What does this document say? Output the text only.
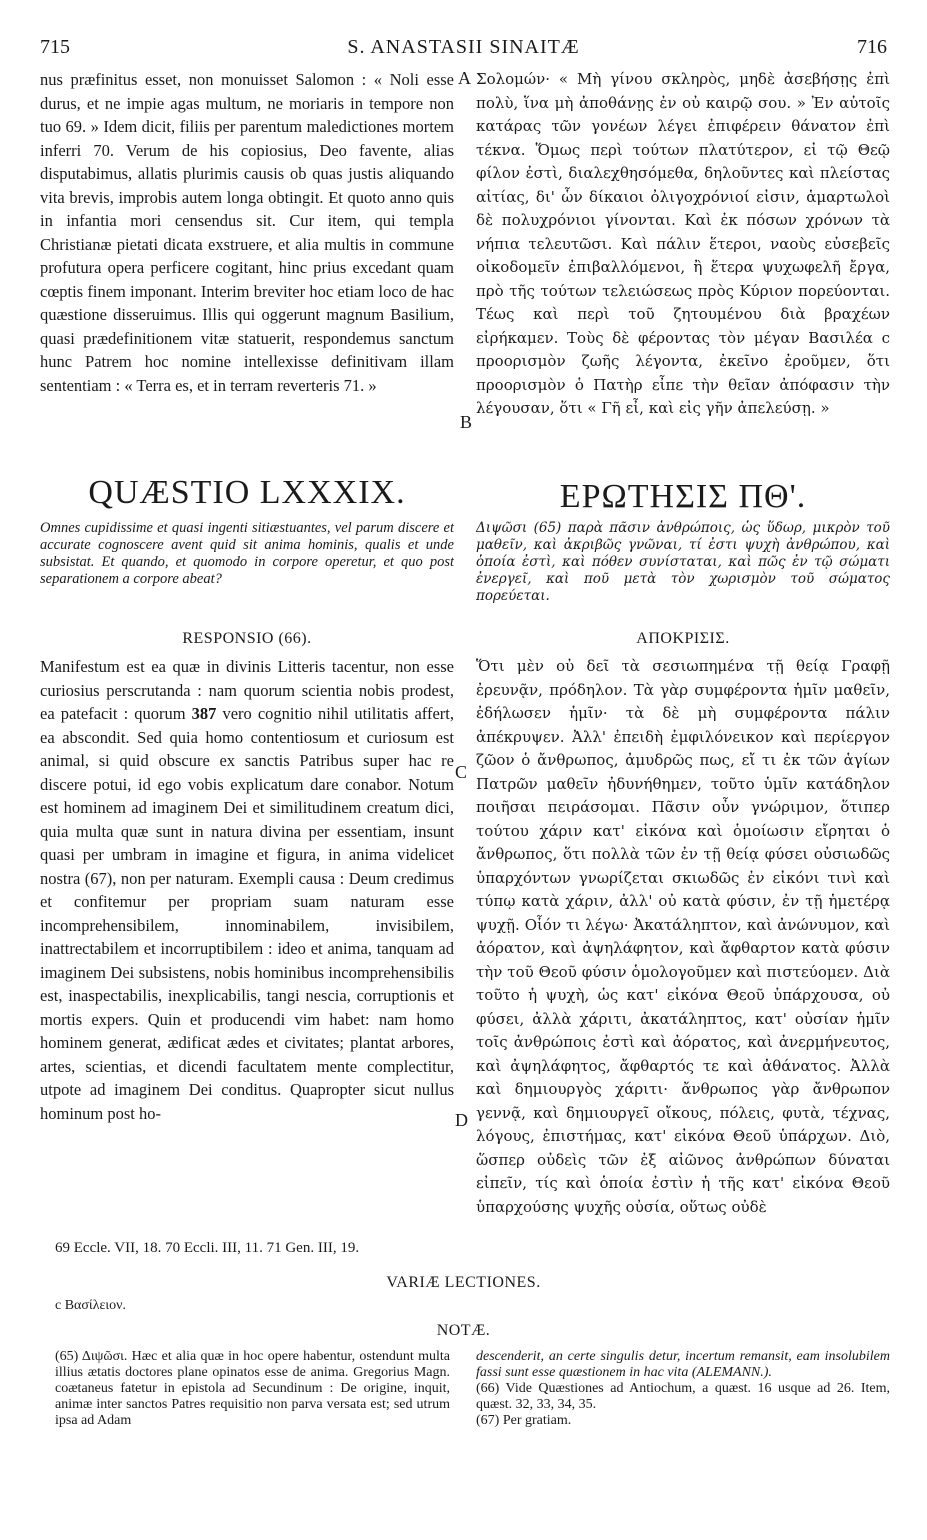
715	S. ANASTASII SINAITÆ	716

nus præfinitus esset, non monuisset Salomon : « Noli esse durus, et ne impie agas multum, ne moriaris in tempore non tuo 69. » Idem dicit, filiis per parentum maledictiones mortem inferri 70. Verum de his copiosius, Deo favente, alias disputabimus, allatis plurimis causis ob quas justis aliquando vita brevis, improbis autem longa obtingit. Et quoto anno quis in infantia mori censendus sit. Cur item, qui templa Christianæ pietati dicata exstruere, et alia multis in commune profutura opera perficere cogitant, hinc prius excedant quam cœptis finem imponant. Interim breviter hoc etiam loco de hac quæstione disseruimus. Illis qui oggerunt magnum Basilium, quasi prædefinitionem vitæ statuerit, respondemus sanctum hunc Patrem hoc nomine intellexisse definitivam illam sententiam : « Terra es, et in terram reverteris 71. »

Σολομών· « Μὴ γίνου σκληρὸς, μηδὲ ἀσεβήσῃς ἐπὶ πολὺ, ἵνα μὴ ἀποθάνῃς ἐν οὐ καιρῷ σου. » Ἐν αὐτοῖς κατάρας τῶν γονέων λέγει ἐπιφέρειν θάνατον ἐπὶ τέκνα. Ὅμως περὶ τούτων πλατύτερον, εἰ τῷ Θεῷ φίλον ἐστὶ, διαλεχθησόμεθα, δηλοῦντες καὶ πλείστας αἰτίας, δι' ὧν δίκαιοι ὀλιγοχρόνιοί εἰσιν, ἁμαρτωλοὶ δὲ πολυχρόνιοι γίνονται. Καὶ ἐκ πόσων χρόνων τὰ νήπια τελευτῶσι. Καὶ πάλιν ἕτεροι, ναοὺς εὐσεβεῖς οἰκοδομεῖν ἐπιβαλλόμενοι, ἢ ἕτερα ψυχωφελῆ ἔργα, πρὸ τῆς τούτων τελειώσεως πρὸς Κύριον πορεύονται. Τέως καὶ περὶ τοῦ ζητουμένου διὰ βραχέων εἰρήκαμεν. Τοὺς δὲ φέροντας τὸν μέγαν Βασιλέα c προορισμὸν ζωῆς λέγοντα, ἐκεῖνο ἐροῦμεν, ὅτι προορισμὸν ὁ Πατὴρ εἶπε τὴν θεῖαν ἀπόφασιν τὴν λέγουσαν, ὅτι « Γῆ εἶ, καὶ εἰς γῆν ἀπελεύσῃ. »

A
B
QUÆSTIO LXXXIX.	ΕΡΩΤΗΣΙΣ ΠΘ'.

Omnes cupidissime et quasi ingenti sitiæstuantes, vel parum discere et accurate cognoscere avent quid sit anima hominis, qualis et unde subsistat. Et quando, et quomodo in corpore operetur, et quo post separationem a corpore abeat?

Διψῶσι (65) παρὰ πᾶσιν ἀνθρώποις, ὡς ὕδωρ, μικρὸν τοῦ μαθεῖν, καὶ ἀκριβῶς γνῶναι, τί ἐστι ψυχὴ ἀνθρώπου, καὶ ὁποία ἐστὶ, καὶ πόθεν συνίσταται, καὶ πῶς ἐν τῷ σώματι ἐνεργεῖ, καὶ ποῦ μετὰ τὸν χωρισμὸν τοῦ σώματος πορεύεται.

RESPONSIO (66).	ΑΠΟΚΡΙΣΙΣ.

Manifestum est ea quæ in divinis Litteris tacentur, non esse curiosius perscrutanda : nam quorum scientia nobis prodest, ea patefacit : quorum 387 vero cognitio nihil utilitatis affert, ea abscondit. Sed quia homo contentiosum et curiosum est animal, si quid obscure ex sanctis Patribus super hac re discere potui, id ego vobis explicatum dare conabor. Notum est hominem ad imaginem Dei et similitudinem creatum dici, quia multa quæ sunt in natura divina per essentiam, insunt quasi per umbram in imagine et figura, in anima videlicet nostra (67), non per naturam. Exempli causa : Deum credimus et confitemur per propriam suam naturam esse incomprehensibilem, innominabilem, invisibilem, inattrectabilem et incorruptibilem : ideo et anima, tanquam ad imaginem Dei subsistens, nobis hominibus incomprehensibilis est, inaspectabilis, inexplicabilis, tangi nescia, corruptionis et mortis expers. Quin et producendi vim habet: nam homo hominem generat, ædificat ædes et civitates; plantat arbores, artes, scientias, et dicendi facultatem mente complectitur, utpote ad imaginem Dei conditus. Quapropter sicut nullus hominum post ho-

Ὅτι μὲν οὐ δεῖ τὰ σεσιωπημένα τῇ θείᾳ Γραφῇ ἐρευνᾷν, πρόδηλον. Τὰ γὰρ συμφέροντα ἡμῖν μαθεῖν, ἐδήλωσεν ἡμῖν· τὰ δὲ μὴ συμφέροντα πάλιν ἀπέκρυψεν. Ἀλλ' ἐπειδὴ ἐμφιλόνεικον καὶ περίεργον ζῶον ὁ ἄνθρωπος, ἀμυδρῶς πως, εἴ τι ἐκ τῶν ἁγίων Πατρῶν μαθεῖν ἠδυνήθημεν, τοῦτο ὑμῖν κατάδηλον ποιῆσαι πειράσομαι. Πᾶσιν οὖν γνώριμον, ὅτιπερ τούτου χάριν κατ' εἰκόνα καὶ ὁμοίωσιν εἴρηται ὁ ἄνθρωπος, ὅτι πολλὰ τῶν ἐν τῇ θείᾳ φύσει οὐσιωδῶς ὑπαρχόντων γνωρίζεται σκιωδῶς ἐν εἰκόνι τινὶ καὶ τύπῳ κατὰ χάριν, ἀλλ' οὐ κατὰ φύσιν, ἐν τῇ ἡμετέρᾳ ψυχῇ. Οἷόν τι λέγω· Ἀκατάληπτον, καὶ ἀνώνυμον, καὶ ἀόρατον, καὶ ἀψηλάφητον, καὶ ἄφθαρτον κατὰ φύσιν τὴν τοῦ Θεοῦ φύσιν ὁμολογοῦμεν καὶ πιστεύομεν. Διὰ τοῦτο ἡ ψυχὴ, ὡς κατ' εἰκόνα Θεοῦ ὑπάρχουσα, οὐ φύσει, ἀλλὰ χάριτι, ἀκατάληπτος, κατ' οὐσίαν ἡμῖν τοῖς ἀνθρώποις ἐστὶ καὶ ἀόρατος, καὶ ἀνερμήνευτος, καὶ ἀψηλάφητος, ἄφθαρτός τε καὶ ἀθάνατος. Ἀλλὰ καὶ δημιουργὸς χάριτι· ἄνθρωπος γὰρ ἄνθρωπον γεννᾷ, καὶ δημιουργεῖ οἴκους, πόλεις, φυτὰ, τέχνας, λόγους, ἐπιστήμας, κατ' εἰκόνα Θεοῦ ὑπάρχων. Διὸ, ὥσπερ οὐδεὶς τῶν ἐξ αἰῶνος ἀνθρώπων δύναται εἰπεῖν, τίς καὶ ὁποία ἐστὶν ἡ τῆς κατ' εἰκόνα Θεοῦ ὑπαρχούσης ψυχῆς οὐσία, οὕτως οὐδὲ

C
D
69 Eccle. VII, 18. 70 Eccli. III, 11. 71 Gen. III, 19.
VARIÆ LECTIONES.
c Βασίλειον.
NOTÆ.

(65) Διψῶσι. Hæc et alia quæ in hoc opere habentur, ostendunt multa illius ætatis doctores plane opinatos esse de anima. Gregorius Magn. coætaneus fatetur in epistola ad Secundinum : De origine, inquit, animæ inter sanctos Patres requisitio non parva versata est; sed utrum ipsa ad Adam

descenderit, an certe singulis detur, incertum remansit, eam insolubilem fassi sunt esse quæstionem in hac vita (ALEMANN.).

(66) Vide Quæstiones ad Antiochum, a quæst. 16 usque ad 26. Item, quæst. 32, 33, 34, 35.

(67) Per gratiam.
